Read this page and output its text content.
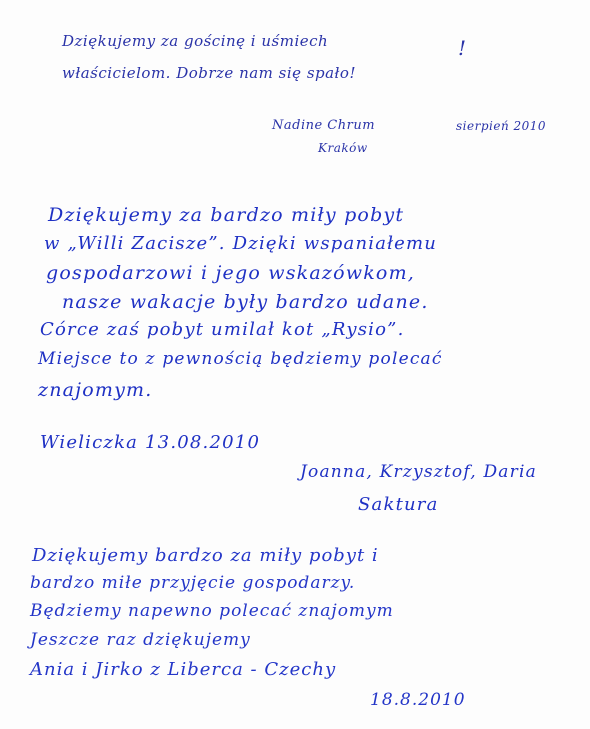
Dziękujemy za gościnę i uśmiech	!
właścicielom. Dobrze nam się spało!
Nadine Chrum	sierpień 2010
Kraków
Dziękujemy za bardzo miły pobyt
w „Willi Zacisze”. Dzięki wspaniałemu
gospodarzowi i jego wskazówkom,
nasze wakacje były bardzo udane.
Córce zaś pobyt umilał kot „Rysio”.
Miejsce to z pewnością będziemy polecać
znajomym.
Wieliczka 13.08.2010
Joanna, Krzysztof, Daria
Saktura
Dziękujemy bardzo za miły pobyt i
bardzo miłe przyjęcie gospodarzy.
Będziemy napewno polecać znajomym
Jeszcze raz dziękujemy
Ania i Jirko z Liberca - Czechy
18.8.2010
